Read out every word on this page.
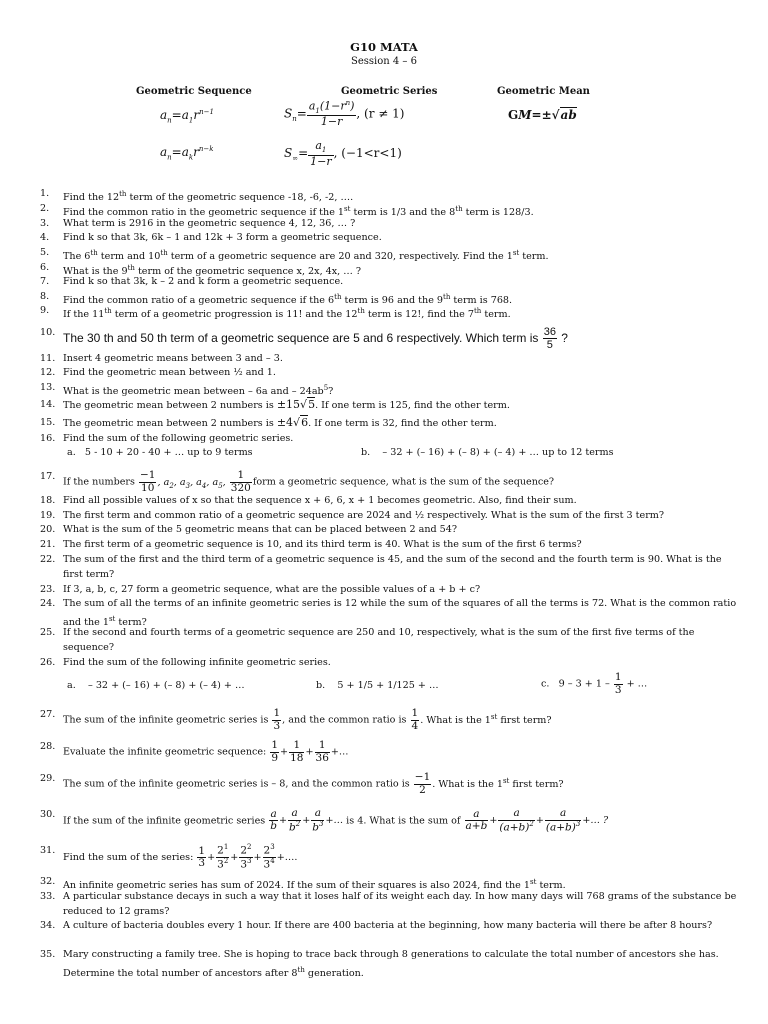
G10 MATA
Session 4 – 6
Geometric Sequence	Geometric Series	Geometric Mean
$a_n=a_1r^{n-1}$
$a_n=a_kr^{n-k}$
$S_n= \frac{a_1(1-r^n)}{1-r}$ , (r ≠ 1)
$S_\infty= \frac{a_1}{1-r}$ , (−1<r<1)
GM=±√ab
1.	Find the 12th term of the geometric sequence -18, -6, -2, ….
2.	Find the common ratio in the geometric sequence if the 1st term is 1/3 and the 8th term is 128/3.
3.	What term is 2916 in the geometric sequence 4, 12, 36, … ?
4.	Find k so that 3k, 6k – 1 and 12k + 3 form a geometric sequence.
5.	The 6th term and 10th term of a geometric sequence are 20 and 320, respectively. Find the 1st term.
6.	What is the 9th term of the geometric sequence x, 2x, 4x, … ?
7.	Find k so that 3k, k – 2 and k form a geometric sequence.
8.	Find the common ratio of a geometric sequence if the 6th term is 96 and the 9th term is 768.
9.	If the 11th term of a geometric progression is 11! and the 12th term is 12!, find the 7th term.
10. The 30 th and 50 th term of a geometric sequence are 5 and 6 respectively. Which term is $\frac{36}{5}$ ?
11. Insert 4 geometric means between 3 and – 3.
12. Find the geometric mean between ½ and 1.
13. What is the geometric mean between – 6a and – $24ab^5$?
14. The geometric mean between 2 numbers is ±15√5. If one term is 125, find the other term.
15. The geometric mean between 2 numbers is ±4√6. If one term is 32, find the other term.
16. Find the sum of the following geometric series.
a.   5 - 10 + 20 - 40 + … up to 9 terms	b.    – 32 + (– 16) + (– 8) + (– 4) + … up to 12 terms
17.
If the numbers $\frac{-1}{10}$ , $a_2$, $a_3$, $a_4$, $a_5$, $\frac{1}{320}$ form a geometric sequence, what is the sum of the sequence?
18. Find all possible values of x so that the sequence x + 6, 6, x + 1 becomes geometric. Also, find their sum.
19. The first term and common ratio of a geometric sequence are 2024 and ½ respectively. What is the sum of the first 3 term?
20. What is the sum of the 5 geometric means that can be placed between 2 and 54?
21. The first term of a geometric sequence is 10, and its third term is 40. What is the sum of the first 6 terms?
22. The sum of the first and the third term of a geometric sequence is 45, and the sum of the second and the fourth term is 90. What is the first term?
23. If 3, a, b, c, 27 form a geometric sequence, what are the possible values of a + b + c?
24. The sum of all the terms of an infinite geometric series is 12 while the sum of the squares of all the terms is 72. What is the common ratio and the 1st term?
25. If the second and fourth terms of a geometric sequence are 250 and 10, respectively, what is the sum of the first five terms of the sequence?
26. Find the sum of the following infinite geometric series.
a.    – 32 + (– 16) + (– 8) + (– 4) + …	b.    5 + 1/5 + 1/125 + …	c.   $9 - 3 + 1 - \frac{1}{3}$ + …
27.
The sum of the infinite geometric series is $\frac{1}{3}$ , and the common ratio is $\frac{1}{4}$ . What is the 1st first term?
28.
Evaluate the infinite geometric sequence: $\frac{1}{9} + \frac{1}{18} + \frac{1}{36}$ +…
29.
The sum of the infinite geometric series is – 8, and the common ratio is $\frac{-1}{2}$ . What is the 1st first term?
30.
If the sum of the infinite geometric series $\frac{a}{b} + \frac{a}{b^2} + \frac{a}{b^3}$ +… is 4. What is the sum of $\frac{a}{a+b} + \frac{a}{(a+b)^2} + \frac{a}{(a+b)^3}$ +… ?
31.
Find the sum of the series: $\frac{1}{3} + \frac{2^1}{3^2} + \frac{2^2}{3^3} + \frac{2^3}{3^4}$ +….
32. An infinite geometric series has sum of 2024. If the sum of their squares is also 2024, find the 1st term.
33. A particular substance decays in such a way that it loses half of its weight each day. In how many days will 768 grams of the substance be reduced to 12 grams?
34. A culture of bacteria doubles every 1 hour. If there are 400 bacteria at the beginning, how many bacteria will there be after 8 hours?
35. Mary constructing a family tree. She is hoping to trace back through 8 generations to calculate the total number of ancestors she has. Determine the total number of ancestors after 8th generation.
